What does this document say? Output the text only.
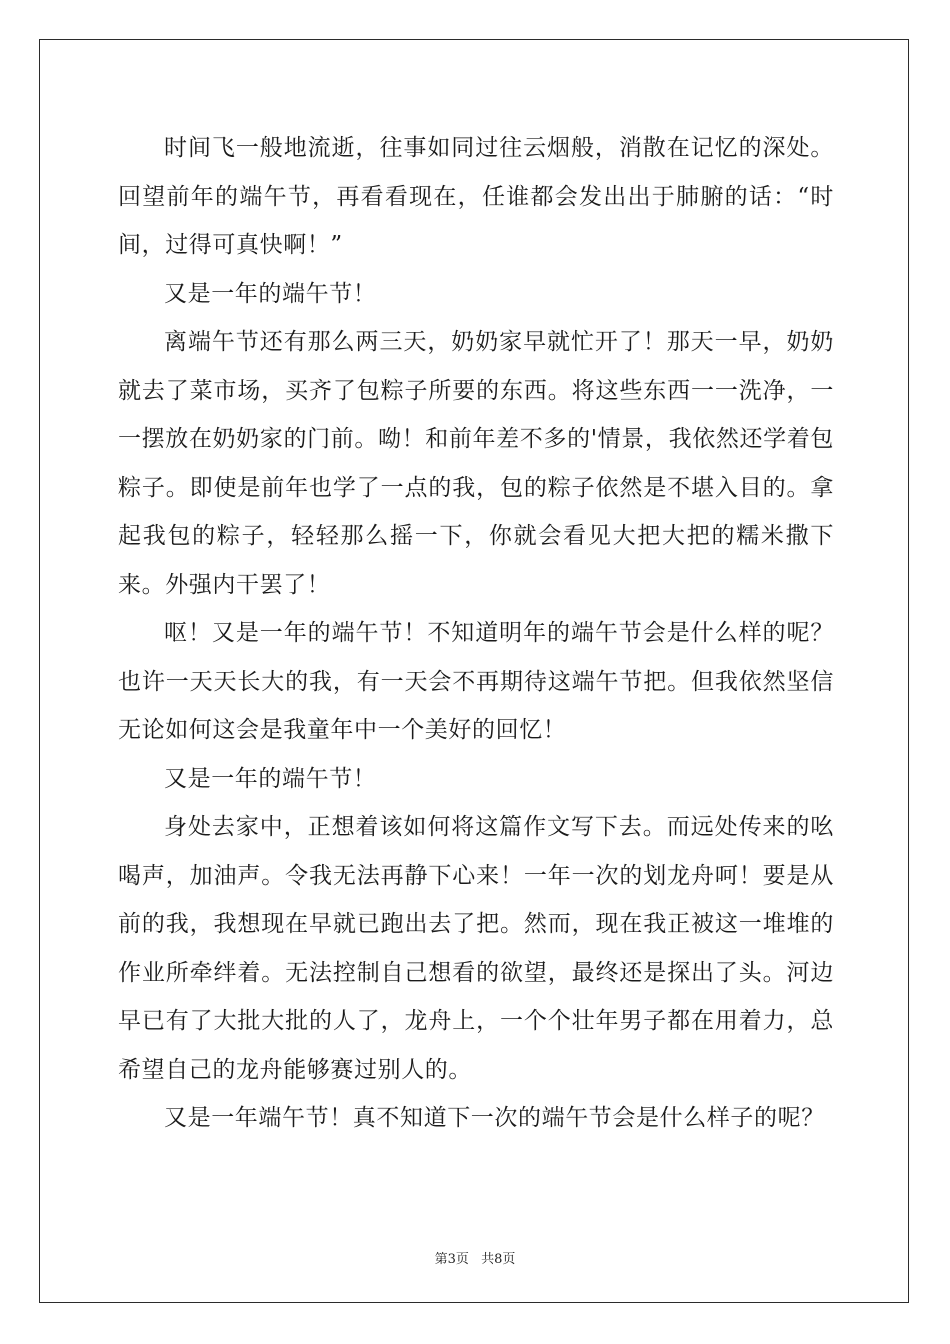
时间飞一般地流逝，往事如同过往云烟般，消散在记忆的深处。回望前年的端午节，再看看现在，任谁都会发出出于肺腑的话：“时间，过得可真快啊！”

又是一年的端午节！

离端午节还有那么两三天，奶奶家早就忙开了！那天一早，奶奶就去了菜市场，买齐了包粽子所要的东西。将这些东西一一洗净，一一摆放在奶奶家的门前。呦！和前年差不多的'情景，我依然还学着包粽子。即使是前年也学了一点的我，包的粽子依然是不堪入目的。拿起我包的粽子，轻轻那么摇一下，你就会看见大把大把的糯米撒下来。外强内干罢了！

呕！又是一年的端午节！不知道明年的端午节会是什么样的呢？也许一天天长大的我，有一天会不再期待这端午节把。但我依然坚信无论如何这会是我童年中一个美好的回忆！

又是一年的端午节！

身处去家中，正想着该如何将这篇作文写下去。而远处传来的吆喝声，加油声。令我无法再静下心来！一年一次的划龙舟呵！要是从前的我，我想现在早就已跑出去了把。然而，现在我正被这一堆堆的作业所牵绊着。无法控制自己想看的欲望，最终还是探出了头。河边早已有了大批大批的人了，龙舟上，一个个壮年男子都在用着力，总希望自己的龙舟能够赛过别人的。

又是一年端午节！真不知道下一次的端午节会是什么样子的呢？

第3页 共8页
